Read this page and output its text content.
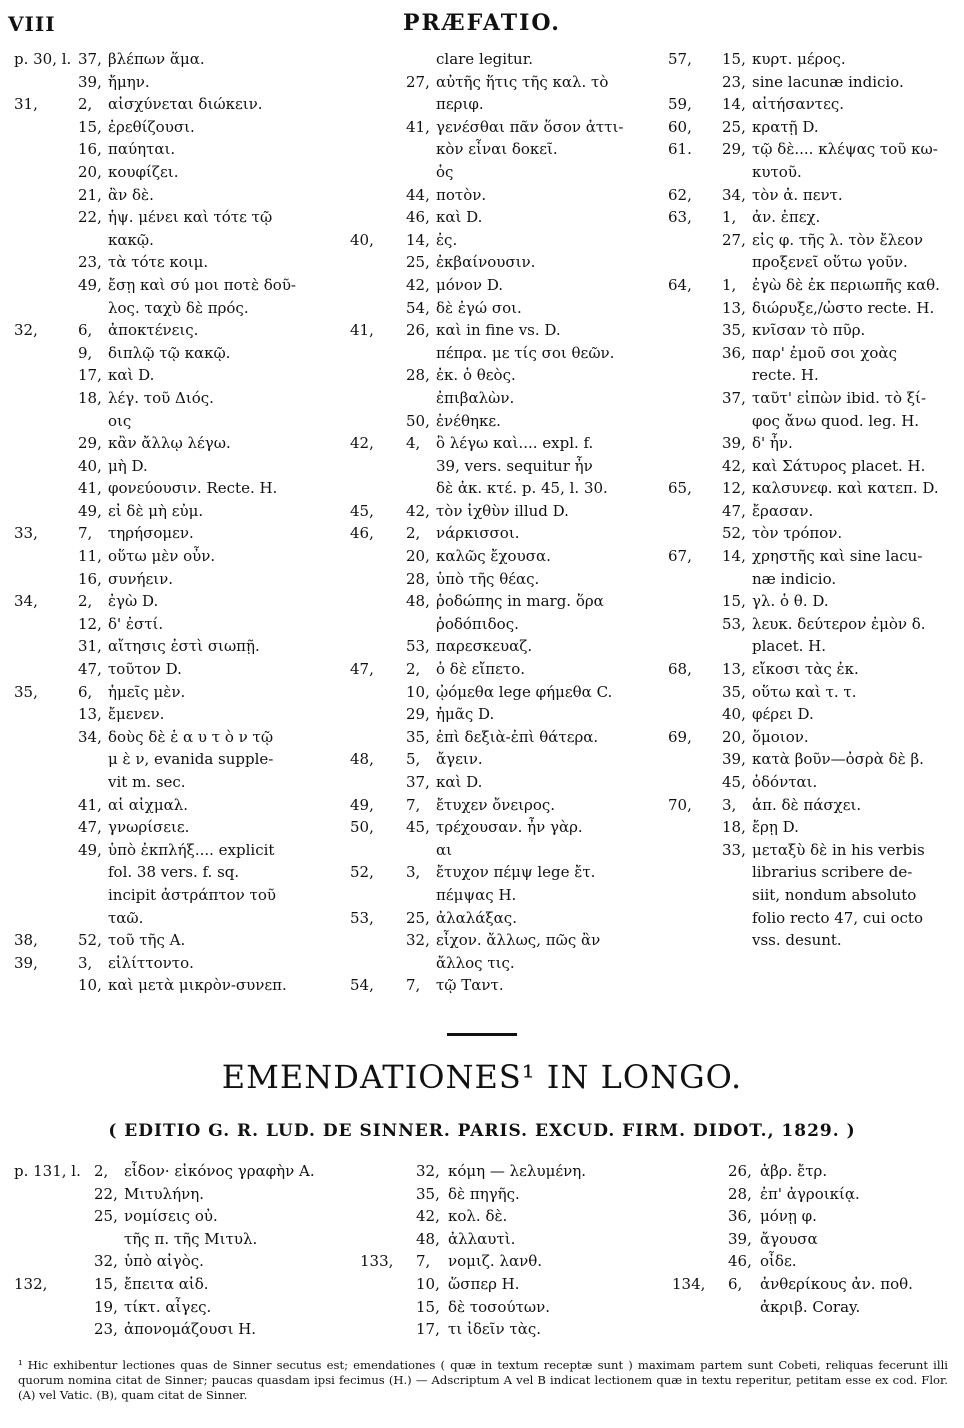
VIII	PRÆFATIO.
p. 30, l. 37, βλέπων ἅμα.
39, ἤμην.
31,	2, αἰσχύνεται διώκειν.
15, ἐρεθίζουσι.
16, παύηται.
20, κουφίζει.
21, ἂν δὲ.
22, ἡψ. μένει καὶ τότε τῷ
κακῷ.
23, τὰ τότε κοιμ.
49, ἔσῃ καὶ σύ μοι ποτὲ δοῦ-
λος. ταχὺ δὲ πρός.
32,	6, ἀποκτένεις.
9, διπλῷ τῷ κακῷ.
17, καὶ D.
18, λέγ. τοῦ Διός.
οις
29, κἂν ἄλλῳ λέγω.
40, μὴ D.
41, φονεύουσιν. Recte. H.
49, εἰ δὲ μὴ εὐμ.
33,	7, τηρήσομεν.
11, οὕτω μὲν οὖν.
16, συνήειν.
34,	2, ἐγὼ D.
12, δ' ἐστί.
31, αἴτησις ἐστὶ σιωπῇ.
47, τοῦτον D.
35,	6, ἡμεῖς μὲν.
13, ἔμενεν.
34, δοὺς δὲ ἑ α υ τ ὸ ν τῷ
μ ὲ ν, evanida supple-
vit m. sec.
41, αἱ αἰχμαλ.
47, γνωρίσειε.
49, ὑπὸ ἐκπλήξ.... explicit
fol. 38 vers. f. sq.
incipit ἀστράπτον τοῦ
ταῶ.
38,	52, τοῦ τῆς Α.
39,	3, εἱλίττοντο.
10, καὶ μετὰ μικρὸν-συνεπ.
clare legitur.
27, αὐτῆς ἥτις τῆς καλ. τὸ
περιφ.
41, γενέσθαι πᾶν ὅσον ἀττι-
κὸν εἶναι δοκεῖ.
ὁς
44, ποτὸν.
46, καὶ D.
40, 14, ἐς.
25, ἐκβαίνουσιν.
42, μόνον D.
54, δὲ ἐγώ σοι.
41, 26, καὶ in fine vs. D.
πέπρα. με τίς σοι θεῶν.
28, ἐκ. ὁ θεὸς.
ἐπιβαλὼν.
50, ἐνέθηκε.
42, 4, ὃ λέγω καὶ.... expl. f.
39, vers. sequitur ἦν
δὲ ἀκ. κτέ. p. 45, l. 30.
45, 42, τὸν ἰχθὺν illud D.
46, 2, νάρκισσοι.
20, καλῶς ἔχουσα.
28, ὑπὸ τῆς θέας.
48, ῥοδώπης in marg. ὅρα
ῥοδόπιδος.
53, παρεσκευαζ.
47, 2, ὁ δὲ εἴπετο.
10, ᾠόμεθα lege φήμεθα C.
29, ἡμᾶς D.
35, ἐπὶ δεξιὰ-ἐπὶ θάτερα.
48, 5, ἄγειν.
37, καὶ D.
49, 7, ἔτυχεν ὄνειρος.
50, 45, τρέχουσαν. ἦν γὰρ.
αι
52, 3, ἔτυχον πέμψ lege ἔτ.
πέμψας H.
53, 25, ἀλαλάξας.
32, εἶχον. ἄλλως, πῶς ἂν
ἄλλος τις.
54, 7, τῷ Ταντ.
57, 15, κυρτ. μέρος.
23, sine lacunæ indicio.
59, 14, αἰτήσαντες.
60, 25, κρατῇ D.
61. 29, τῷ δὲ.... κλέψας τοῦ κω-
κυτοῦ.
62, 34, τὸν ἀ. πεντ.
63, 1, ἀν. ἐπεχ.
27, εἰς φ. τῆς λ. τὸν ἔλεον
προξενεῖ οὕτω γοῦν.
64, 1, ἐγὼ δὲ ἐκ περιωπῆς καθ.
13, διώρυξε,/ὠστο recte. H.
35, κνῖσαν τὸ πῦρ.
36, παρ' ἐμοῦ σοι χοὰς
recte. H.
37, ταῦτ' εἰπὼν ibid. τὸ ξί-
φος ἄνω quod. leg. H.
39, δ' ἦν.
42, καὶ Σάτυρος placet. H.
65, 12, καλσυνεφ. καὶ κατεπ. D.
47, ἔρασαν.
52, τὸν τρόπον.
67, 14, χρηστῆς καὶ sine lacu-
næ indicio.
15, γλ. ὁ θ. D.
53, λευκ. δεύτερον ἐμὸν δ.
placet. H.
68, 13, εἴκοσι τὰς ἐκ.
35, οὕτω καὶ τ. τ.
40, φέρει D.
69, 20, ὅμοιον.
39, κατὰ βοῦν—ὀσρὰ δὲ β.
45, ὀδόνται.
70, 3, ἀπ. δὲ πάσχει.
18, ἔρῃ D.
33, μεταξὺ δὲ in his verbis
librarius scribere de-
siit, nondum absoluto
folio recto 47, cui octo
vss. desunt.
EMENDATIONES¹ IN LONGO.
( EDITIO G. R. LUD. DE SINNER. PARIS. EXCUD. FIRM. DIDOT., 1829. )
p. 131, l. 2, εἶδον· εἰκόνος γραφὴν Α.
22, Μιτυλήνη.
25, νομίσεις οὐ.
τῆς π. τῆς Μιτυλ.
32, ὑπὸ αἰγὸς.
132,	15, ἔπειτα αἰδ.
19, τίκτ. αἶγες.
23, ἀπονομάζουσι H.
32, κόμη — λελυμένη.
35, δὲ πηγῆς.
42, κολ. δὲ.
48, ἀλλαυτὶ.
133, 7, νομιζ. λανθ.
10, ὥσπερ H.
15, δὲ τοσούτων.
17, τι ἰδεῖν τὰς.
26, ἁβρ. ἔτρ.
28, ἐπ' ἀγροικίᾳ.
36, μόνῃ φ.
39, ἄγουσα
46, οἶδε.
134, 6, ἀνθερίκους ἀν. ποθ.
ἀκριβ. Coray.
¹ Hic exhibentur lectiones quas de Sinner secutus est; emendationes ( quæ in textum receptæ sunt ) maximam partem sunt Cobeti, reliquas fecerunt illi quorum nomina citat de Sinner; paucas quasdam ipsi fecimus (H.) — Adscriptum A vel B indicat lectionem quæ in textu reperitur, petitam esse ex cod. Flor. (A) vel Vatic. (B), quam citat de Sinner.
